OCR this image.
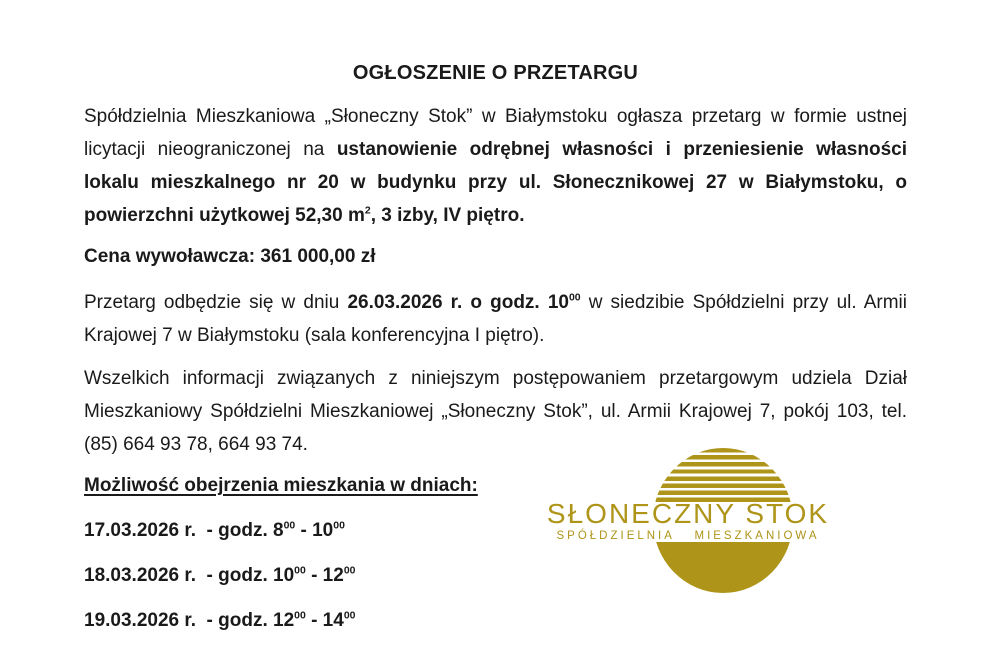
OGŁOSZENIE O PRZETARGU

Spółdzielnia Mieszkaniowa „Słoneczny Stok” w Białymstoku ogłasza przetarg w formie ustnej licytacji nieograniczonej na ustanowienie odrębnej własności i przeniesienie własności lokalu mieszkalnego nr 20 w budynku przy ul. Słonecznikowej 27 w Białymstoku, o powierzchni użytkowej 52,30 $m^2$, 3 izby, IV piętro.

Cena wywoławcza: 361 000,00 zł

Przetarg odbędzie się w dniu 26.03.2026 r. o godz. $10^{00}$ w siedzibie Spółdzielni przy ul. Armii Krajowej 7 w Białymstoku (sala konferencyjna I piętro).

Wszelkich informacji związanych z niniejszym postępowaniem przetargowym udziela Dział Mieszkaniowy Spółdzielni Mieszkaniowej „Słoneczny Stok”, ul. Armii Krajowej 7, pokój 103, tel. (85) 664 93 78, 664 93 74.

Możliwość obejrzenia mieszkania w dniach:

17.03.2026 r.  - godz. $8^{00} - 10^{00}$

18.03.2026 r.  - godz. $10^{00} - 12^{00}$

19.03.2026 r.  - godz. $12^{00} - 14^{00}$

SŁONECZNY STOK
SPÓŁDZIELNIA MIESZKANIOWA
